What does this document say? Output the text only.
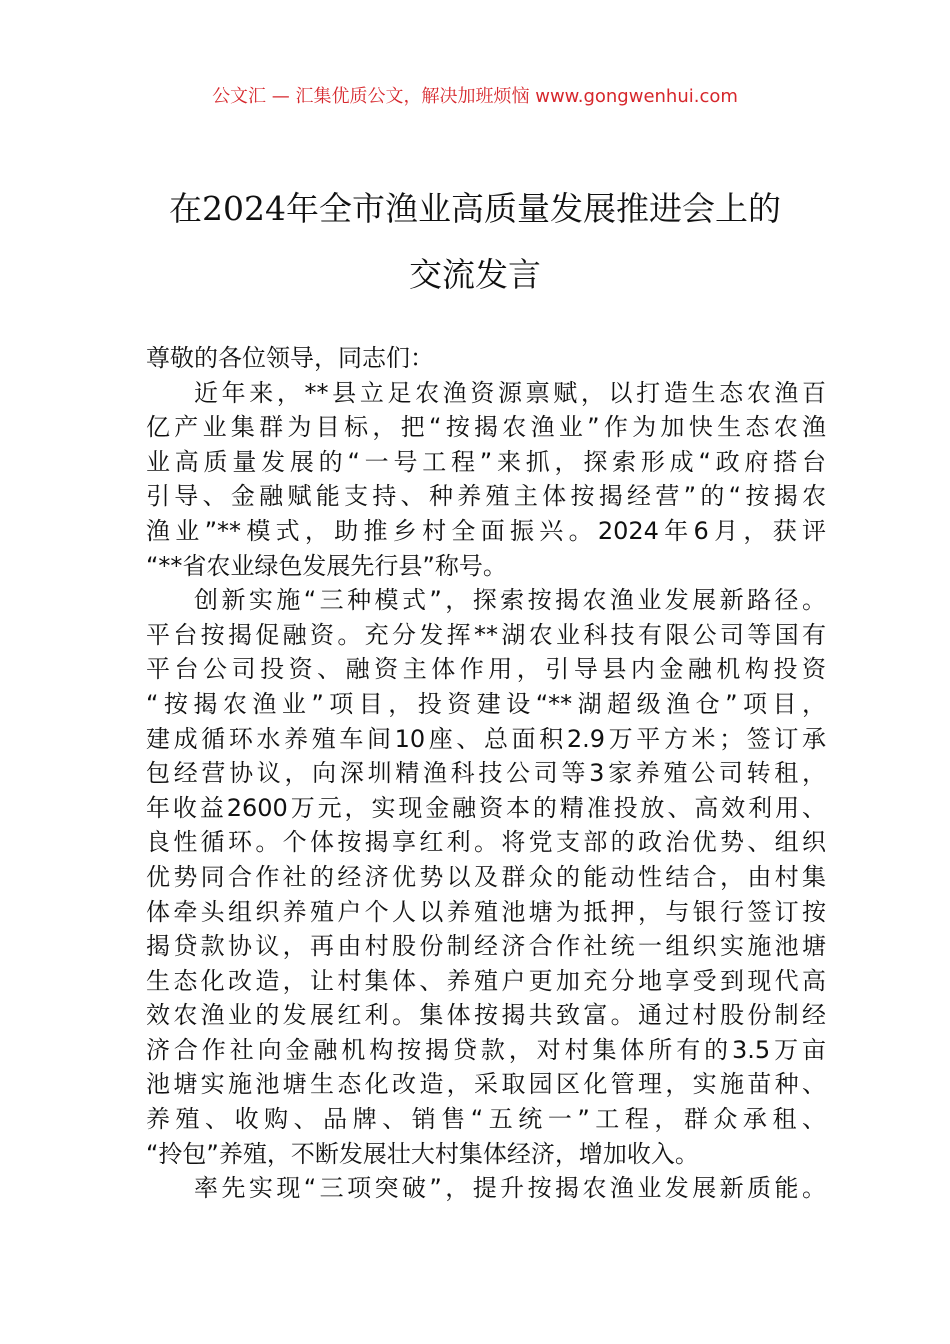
公文汇 — 汇集优质公文，解决加班烦恼 www.gongwenhui.com
在2024年全市渔业高质量发展推进会上的
交流发言
尊敬的各位领导，同志们：
近年来，**县立足农渔资源禀赋，以打造生态农渔百
亿产业集群为目标，把“按揭农渔业”作为加快生态农渔
业高质量发展的“一号工程”来抓，探索形成“政府搭台
引导、金融赋能支持、种养殖主体按揭经营”的“按揭农
渔业”**模式，助推乡村全面振兴。2024年6月，获评
“**省农业绿色发展先行县”称号。
创新实施“三种模式”，探索按揭农渔业发展新路径。
平台按揭促融资。充分发挥**湖农业科技有限公司等国有
平台公司投资、融资主体作用，引导县内金融机构投资
“按揭农渔业”项目，投资建设“**湖超级渔仓”项目，
建成循环水养殖车间10座、总面积2.9万平方米；签订承
包经营协议，向深圳精渔科技公司等3家养殖公司转租，
年收益2600万元，实现金融资本的精准投放、高效利用、
良性循环。个体按揭享红利。将党支部的政治优势、组织
优势同合作社的经济优势以及群众的能动性结合，由村集
体牵头组织养殖户个人以养殖池塘为抵押，与银行签订按
揭贷款协议，再由村股份制经济合作社统一组织实施池塘
生态化改造，让村集体、养殖户更加充分地享受到现代高
效农渔业的发展红利。集体按揭共致富。通过村股份制经
济合作社向金融机构按揭贷款，对村集体所有的3.5万亩
池塘实施池塘生态化改造，采取园区化管理，实施苗种、
养殖、收购、品牌、销售“五统一”工程，群众承租、
“拎包”养殖，不断发展壮大村集体经济，增加收入。
率先实现“三项突破”，提升按揭农渔业发展新质能。
